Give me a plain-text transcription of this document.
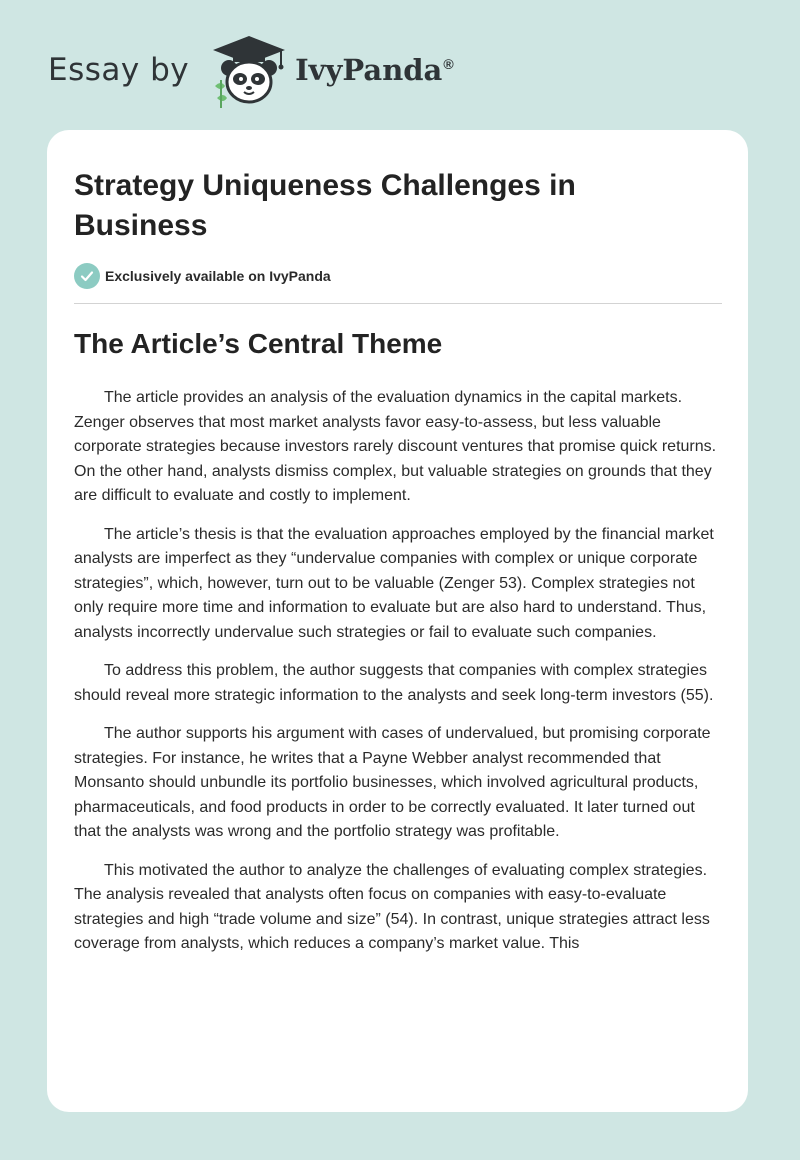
Essay by	IvyPanda®
Strategy Uniqueness Challenges in Business
Exclusively available on IvyPanda
The Article’s Central Theme

The article provides an analysis of the evaluation dynamics in the capital markets. Zenger observes that most market analysts favor easy-to-assess, but less valuable corporate strategies because investors rarely discount ventures that promise quick returns. On the other hand, analysts dismiss complex, but valuable strategies on grounds that they are difficult to evaluate and costly to implement.

The article’s thesis is that the evaluation approaches employed by the financial market analysts are imperfect as they “undervalue companies with complex or unique corporate strategies”, which, however, turn out to be valuable (Zenger 53). Complex strategies not only require more time and information to evaluate but are also hard to understand. Thus, analysts incorrectly undervalue such strategies or fail to evaluate such companies.

To address this problem, the author suggests that companies with complex strategies should reveal more strategic information to the analysts and seek long-term investors (55).

The author supports his argument with cases of undervalued, but promising corporate strategies. For instance, he writes that a Payne Webber analyst recommended that Monsanto should unbundle its portfolio businesses, which involved agricultural products, pharmaceuticals, and food products in order to be correctly evaluated. It later turned out that the analysts was wrong and the portfolio strategy was profitable.

This motivated the author to analyze the challenges of evaluating complex strategies. The analysis revealed that analysts often focus on companies with easy-to-evaluate strategies and high “trade volume and size” (54). In contrast, unique strategies attract less coverage from analysts, which reduces a company’s market value. This
